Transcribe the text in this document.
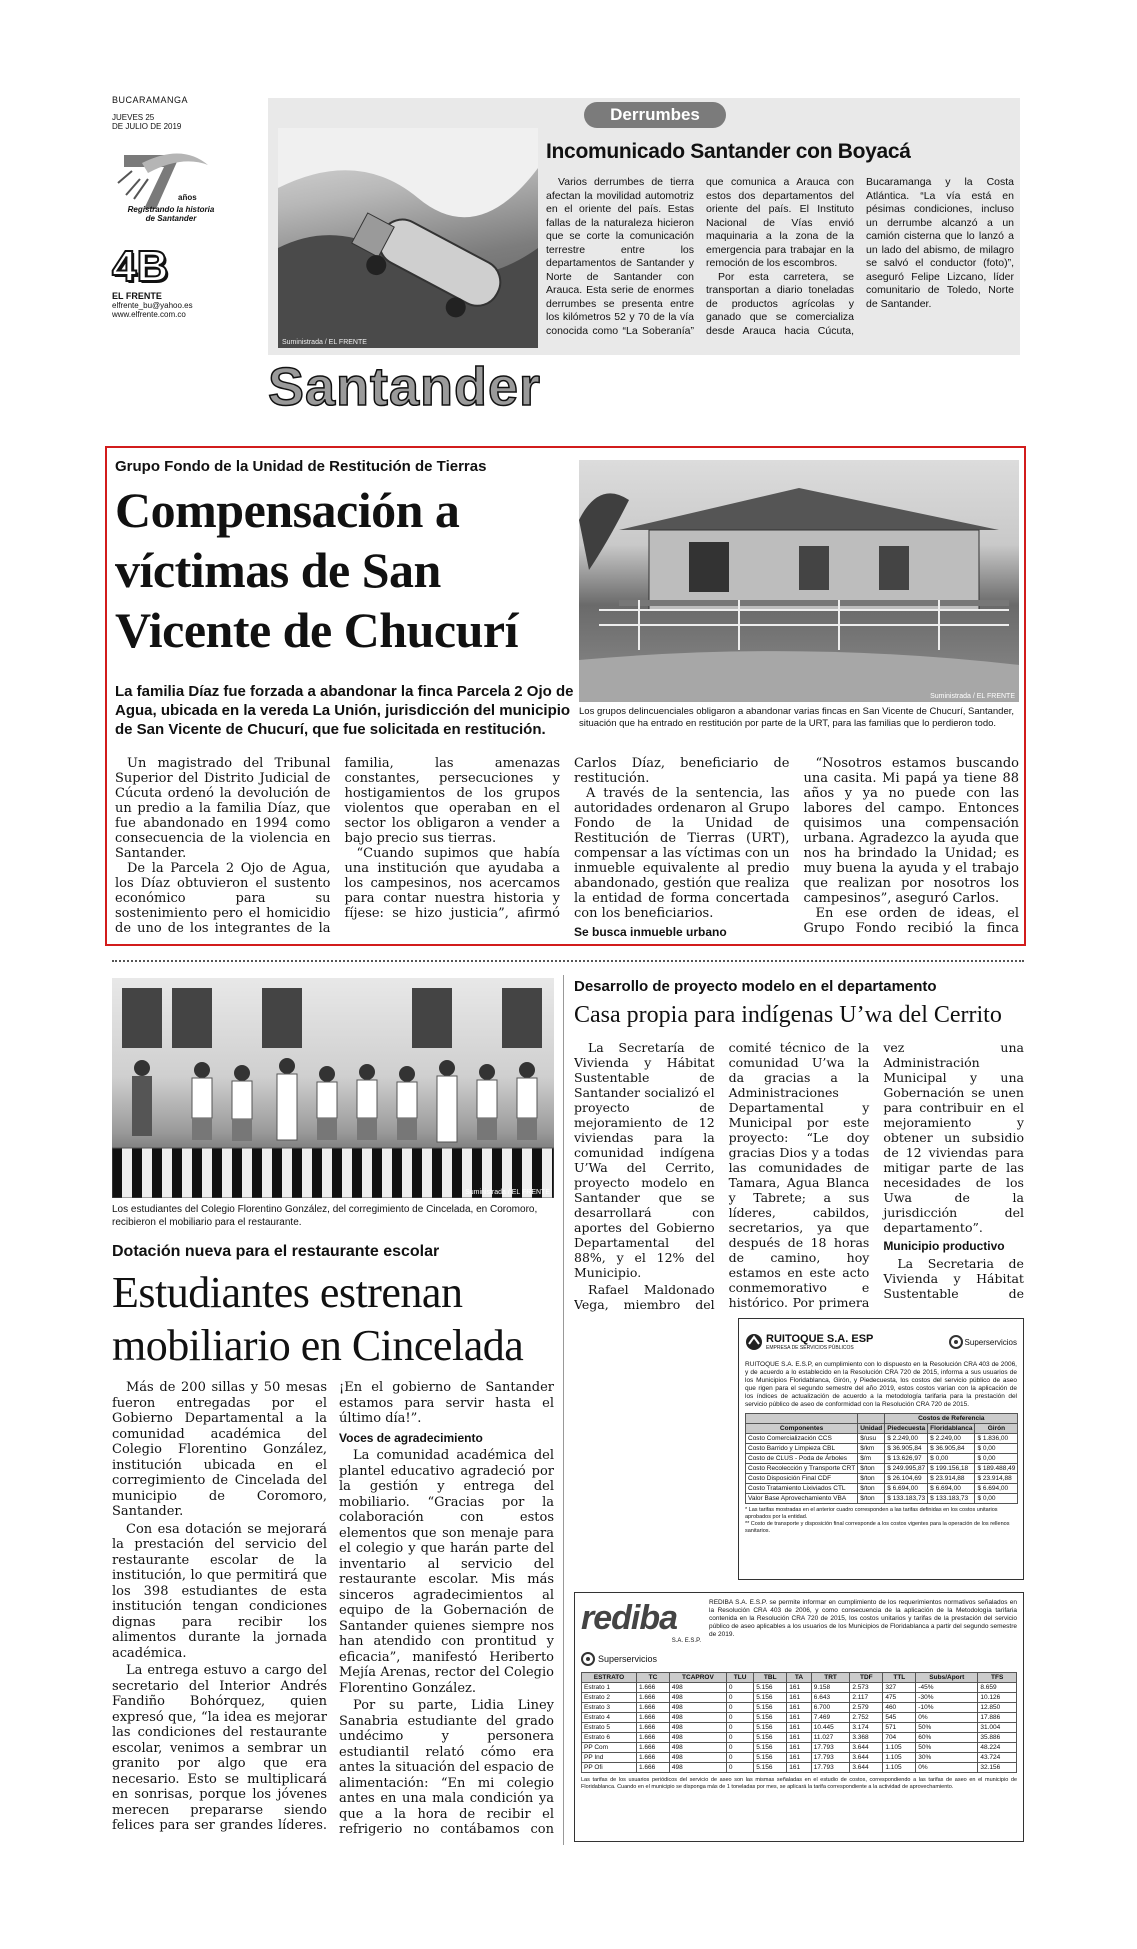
BUCARAMANGA
JUEVES 25
DE JULIO DE 2019
años
Registrando la historia de Santander
4B
EL FRENTE
elfrente_bu@yahoo.es
www.elfrente.com.co
Suministrada / EL FRENTE
Derrumbes
Incomunicado Santander con Boyacá

Varios derrumbes de tierra afectan la movilidad automotriz en el oriente del país. Estas fallas de la naturaleza hicieron que se corte la comunicación terrestre entre los departamentos de Santander y Norte de Santander con Arauca. Esta serie de enormes derrumbes se presenta entre los kilómetros 52 y 70 de la vía conocida como “La Soberanía” que comunica a Arauca con estos dos departamentos del oriente del país. El Instituto Nacional de Vías envió maquinaria a la zona de la emergencia para trabajar en la remoción de los escombros.

Por esta carretera, se transportan a diario toneladas de productos agrícolas y ganado que se comercializa desde Arauca hacia Cúcuta, Bucaramanga y la Costa Atlántica. “La vía está en pésimas condiciones, incluso un derrumbe alcanzó a un camión cisterna que lo lanzó a un lado del abismo, de milagro se salvó el conductor (foto)”, aseguró Felipe Lizcano, líder comunitario de Toledo, Norte de Santander.

Santander
Grupo Fondo de la Unidad de Restitución de Tierras
Compensación a víctimas de San Vicente de Chucurí
La familia Díaz fue forzada a abandonar la finca Parcela 2 Ojo de Agua, ubicada en la vereda La Unión, jurisdicción del municipio de San Vicente de Chucurí, que fue solicitada en restitución.
Suministrada / EL FRENTE
Los grupos delincuenciales obligaron a abandonar varias fincas en San Vicente de Chucurí, Santander, situación que ha entrado en restitución por parte de la URT, para las familias que lo perdieron todo.

Un magistrado del Tribunal Superior del Distrito Judicial de Cúcuta ordenó la devolución de un predio a la familia Díaz, que fue abandonado en 1994 como consecuencia de la violencia en Santander.

De la Parcela 2 Ojo de Agua, los Díaz obtuvieron el sustento económico para su sostenimiento pero el homicidio de uno de los integrantes de la familia, las amenazas constantes, persecuciones y hostigamientos de los grupos violentos que operaban en el sector los obligaron a vender a bajo precio sus tierras.

“Cuando supimos que había una institución que ayudaba a los campesinos, nos acercamos para contar nuestra historia y fíjese: se hizo justicia”, afirmó Carlos Díaz, beneficiario de restitución.

A través de la sentencia, las autoridades ordenaron al Grupo Fondo de la Unidad de Restitución de Tierras (URT), compensar a las víctimas con un inmueble equivalente al predio abandonado, gestión que realiza la entidad de forma concertada con los beneficiarios.

Se busca inmueble urbano

“Nosotros estamos buscando una casita. Mi papá ya tiene 88 años y ya no puede con las labores del campo. Entonces quisimos una compensación urbana. Agradezco la ayuda que nos ha brindado la Unidad; es muy buena la ayuda y el trabajo que realizan por nosotros los campesinos”, aseguró Carlos.

En ese orden de ideas, el Grupo Fondo recibió la finca

Suministrada / EL FRENTE
Los estudiantes del Colegio Florentino González, del corregimiento de Cincelada, en Coromoro, recibieron el mobiliario para el restaurante.
Dotación nueva para el restaurante escolar
Estudiantes estrenan mobiliario en Cincelada

Más de 200 sillas y 50 mesas fueron entregadas por el Gobierno Departamental a la comunidad académica del Colegio Florentino González, institución ubicada en el corregimiento de Cincelada del municipio de Coromoro, Santander.

Con esa dotación se mejorará la prestación del servicio del restaurante escolar de la institución, lo que permitirá que los 398 estudiantes de esta institución tengan condiciones dignas para recibir los alimentos durante la jornada académica.

La entrega estuvo a cargo del secretario del Interior Andrés Fandiño Bohórquez, quien expresó que, “la idea es mejorar las condiciones del restaurante escolar, venimos a sembrar un granito por algo que era necesario. Esto se multiplicará en sonrisas, porque los jóvenes merecen prepararse siendo felices para ser grandes líderes. ¡En el gobierno de Santander estamos para servir hasta el último día!”.

Voces de agradecimiento

La comunidad académica del plantel educativo agradeció por la gestión y entrega del mobiliario. “Gracias por la colaboración con estos elementos que son menaje para el colegio y que harán parte del inventario al servicio del restaurante escolar. Mis más sinceros agradecimientos al equipo de la Gobernación de Santander quienes siempre nos han atendido con prontitud y eficacia”, manifestó Heriberto Mejía Arenas, rector del Colegio Florentino González.

Por su parte, Lidia Liney Sanabria estudiante del grado undécimo y personera estudiantil relató cómo era antes la situación del espacio de alimentación: “En mi colegio antes en una mala condición ya que a la hora de recibir el refrigerio no contábamos con

Desarrollo de proyecto modelo en el departamento
Casa propia para indígenas U’wa del Cerrito

La Secretaría de Vivienda y Hábitat Sustentable de Santander socializó el proyecto de mejoramiento de 12 viviendas para la comunidad indígena U’Wa del Cerrito, proyecto modelo en Santander que se desarrollará con aportes del Gobierno Departamental del 88%, y el 12% del Municipio.

Rafael Maldonado Vega, miembro del comité técnico de la comunidad U’wa la da gracias a la Administraciones Departamental y Municipal por este proyecto: “Le doy gracias Dios y a todas las comunidades de Tamara, Agua Blanca y Tabrete; a sus líderes, cabildos, secretarios, ya que después de 18 horas de camino, hoy estamos en este acto conmemorativo e histórico. Por primera vez una Administración Municipal y una Gobernación se unen para contribuir en el mejoramiento y obtener un subsidio de 12 viviendas para mitigar parte de las necesidades de los Uwa de la jurisdicción del departamento”.

Municipio productivo

La Secretaria de Vivienda y Hábitat Sustentable de

RUITOQUE S.A. ESP
EMPRESA DE SERVICIOS PÚBLICOS
Superservicios
RUITOQUE S.A. E.S.P, en cumplimiento con lo dispuesto en la Resolución CRA 403 de 2006, y de acuerdo a lo establecido en la Resolución CRA 720 de 2015, informa a sus usuarios de los Municipios Floridablanca, Girón, y Piedecuesta, los costos del servicio público de aseo que rigen para el segundo semestre del año 2019, estos costos varían con la aplicación de los índices de actualización de acuerdo a la metodología tarifaria para la prestación del servicio público de aseo de conformidad con la Resolución CRA 720 de 2015.
		Costos de Referencia		
Componentes	Unidad	Piedecuesta	Floridablanca	Girón
Costo Comercialización CCS	$/usu	$ 2.249,00	$ 2.249,00	$ 1.836,00
Costo Barrido y Limpieza CBL	$/km	$ 36.905,84	$ 36.905,84	$ 0,00
Costo de CLUS - Poda de Árboles	$/m	$ 13.626,97	$ 0,00	$ 0,00
Costo Recolección y Transporte CRT	$/ton	$ 249.995,87	$ 199.156,18	$ 189.488,49
Costo Disposición Final CDF	$/ton	$ 26.104,69	$ 23.914,88	$ 23.914,88
Costo Tratamiento Lixiviados CTL	$/ton	$ 6.694,00	$ 6.694,00	$ 6.694,00
Valor Base Aprovechamiento VBA	$/ton	$ 133.183,73	$ 133.183,73	$ 0,00
* Las tarifas mostradas en el anterior cuadro corresponden a las tarifas definidas en los costos unitarios aprobados por la entidad.
** Costo de transporte y disposición final corresponde a los costos vigentes para la operación de los rellenos sanitarios.
rediba
S.A. E.S.P.
Superservicios
REDIBA S.A. E.S.P. se permite informar en cumplimiento de los requerimientos normativos señalados en la Resolución CRA 403 de 2006, y como consecuencia de la aplicación de la Metodología tarifaria contenida en la Resolución CRA 720 de 2015, los costos unitarios y tarifas de la prestación del servicio público de aseo aplicables a los usuarios de los Municipios de Floridablanca a partir del segundo semestre de 2019.
ESTRATO	TC	TCAPROV	TLU	TBL	TA	TRT	TDF	TTL	Subs/Aport	TFS
Estrato 1	1.666	498	0	5.156	161	9.158	2.573	327	-45%	8.659
Estrato 2	1.666	498	0	5.156	161	6.643	2.117	475	-30%	10.126
Estrato 3	1.666	498	0	5.156	161	6.700	2.579	460	-10%	12.850
Estrato 4	1.666	498	0	5.156	161	7.469	2.752	545	0%	17.886
Estrato 5	1.666	498	0	5.156	161	10.445	3.174	571	50%	31.004
Estrato 6	1.666	498	0	5.156	161	11.027	3.368	704	60%	35.886
PP Com	1.666	498	0	5.156	161	17.793	3.644	1.105	50%	48.224
PP Ind	1.666	498	0	5.156	161	17.793	3.644	1.105	30%	43.724
PP Ofi	1.666	498	0	5.156	161	17.793	3.644	1.105	0%	32.156
Las tarifas de los usuarios periódicos del servicio de aseo son las mismas señaladas en el estudio de costos, correspondiendo a las tarifas de aseo en el municipio de Floridablanca. Cuando en el municipio se disponga más de 1 toneladas por mes, se aplicará la tarifa correspondiente a la actividad de aprovechamiento.
